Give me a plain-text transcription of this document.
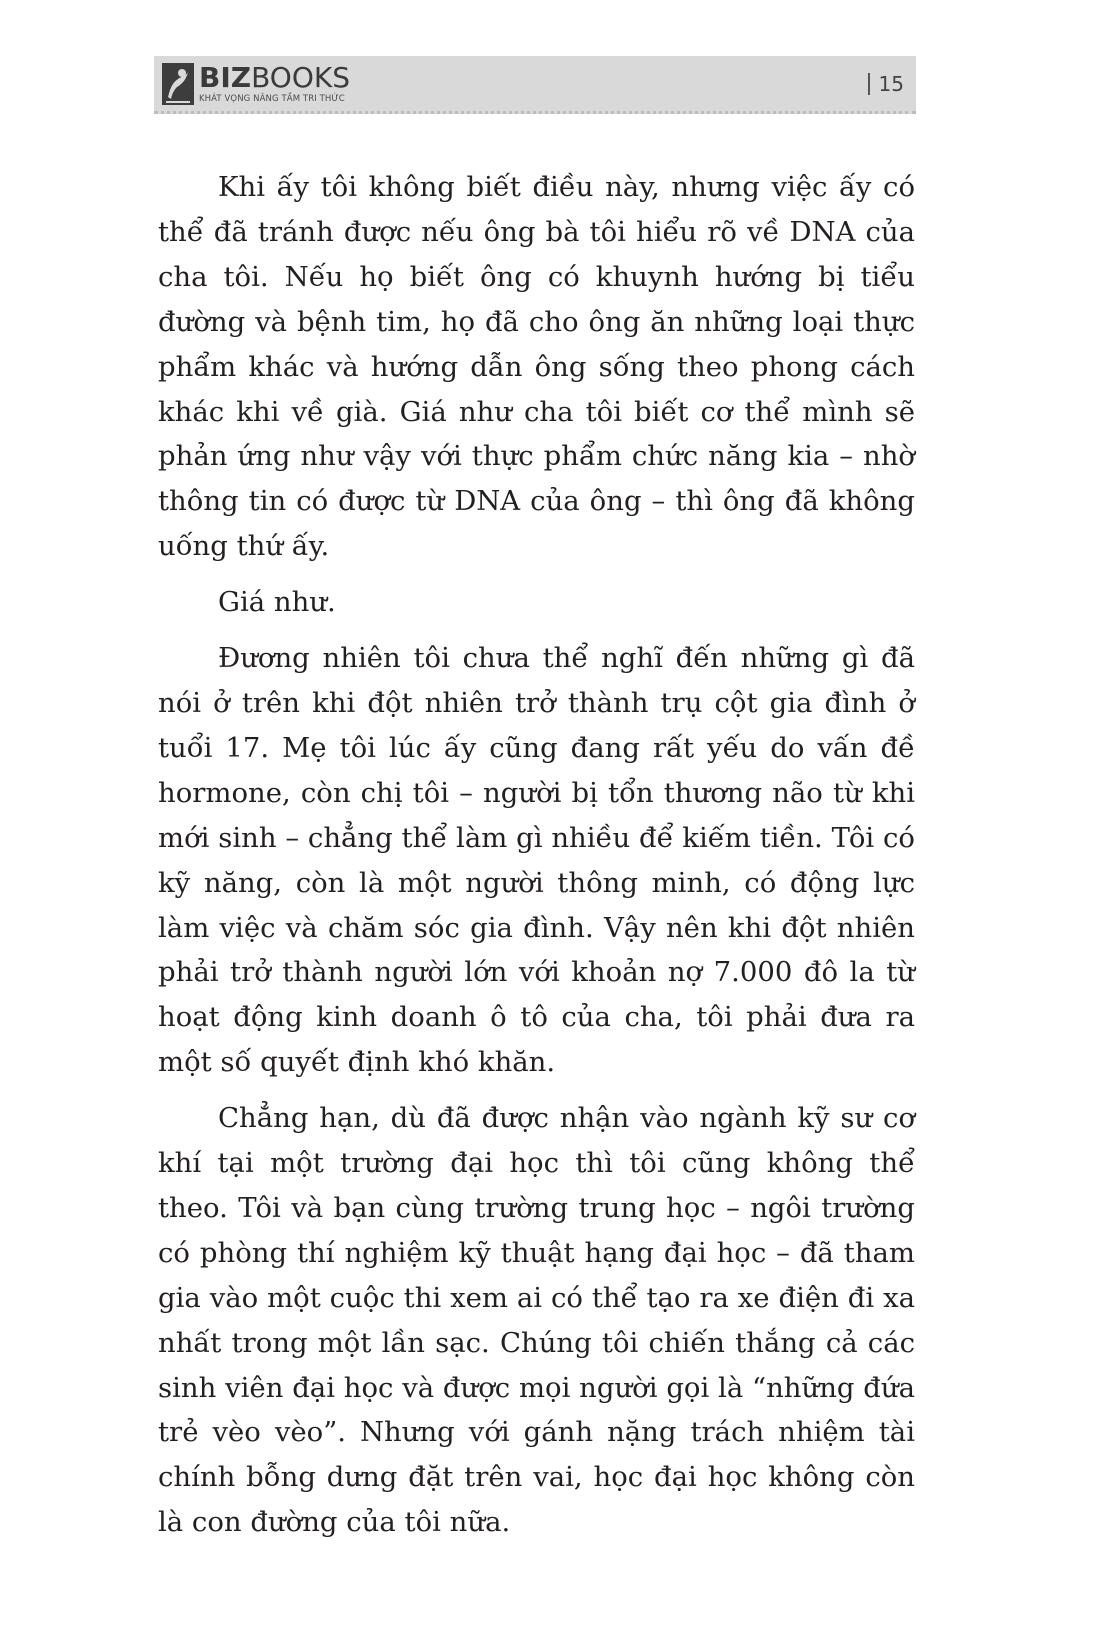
BIZBOOKS
KHÁT VỌNG NÂNG TẦM TRI THỨC
15

Khi ấy tôi không biết điều này, nhưng việc ấy có thể đã tránh được nếu ông bà tôi hiểu rõ về DNA của cha tôi. Nếu họ biết ông có khuynh hướng bị tiểu đường và bệnh tim, họ đã cho ông ăn những loại thực phẩm khác và hướng dẫn ông sống theo phong cách khác khi về già. Giá như cha tôi biết cơ thể mình sẽ phản ứng như vậy với thực phẩm chức năng kia – nhờ thông tin có được từ DNA của ông – thì ông đã không uống thứ ấy.

Giá như.

Đương nhiên tôi chưa thể nghĩ đến những gì đã nói ở trên khi đột nhiên trở thành trụ cột gia đình ở tuổi 17. Mẹ tôi lúc ấy cũng đang rất yếu do vấn đề hormone, còn chị tôi – người bị tổn thương não từ khi mới sinh – chẳng thể làm gì nhiều để kiếm tiền. Tôi có kỹ năng, còn là một người thông minh, có động lực làm việc và chăm sóc gia đình. Vậy nên khi đột nhiên phải trở thành người lớn với khoản nợ 7.000 đô la từ hoạt động kinh doanh ô tô của cha, tôi phải đưa ra một số quyết định khó khăn.

Chẳng hạn, dù đã được nhận vào ngành kỹ sư cơ khí tại một trường đại học thì tôi cũng không thể theo. Tôi và bạn cùng trường trung học – ngôi trường có phòng thí nghiệm kỹ thuật hạng đại học – đã tham gia vào một cuộc thi xem ai có thể tạo ra xe điện đi xa nhất trong một lần sạc. Chúng tôi chiến thắng cả các sinh viên đại học và được mọi người gọi là “những đứa trẻ vèo vèo”. Nhưng với gánh nặng trách nhiệm tài chính bỗng dưng đặt trên vai, học đại học không còn là con đường của tôi nữa.
